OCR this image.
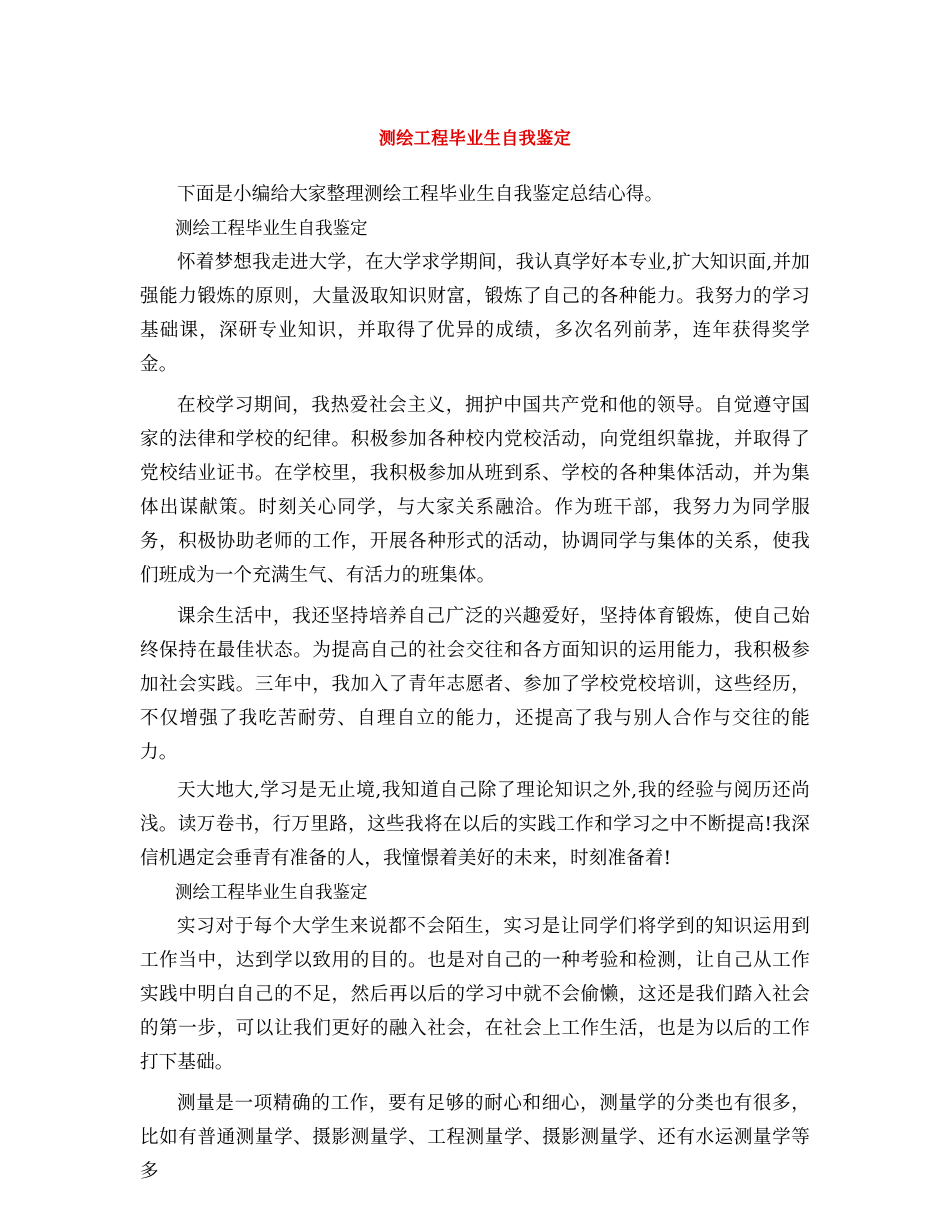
测绘工程毕业生自我鉴定

下面是小编给大家整理测绘工程毕业生自我鉴定总结心得。

测绘工程毕业生自我鉴定

怀着梦想我走进大学，在大学求学期间，我认真学好本专业,扩大知识面,并加强能力锻炼的原则，大量汲取知识财富，锻炼了自己的各种能力。我努力的学习基础课，深研专业知识，并取得了优异的成绩，多次名列前茅，连年获得奖学金。

在校学习期间，我热爱社会主义，拥护中国共产党和他的领导。自觉遵守国家的法律和学校的纪律。积极参加各种校内党校活动，向党组织靠拢，并取得了党校结业证书。在学校里，我积极参加从班到系、学校的各种集体活动，并为集体出谋献策。时刻关心同学，与大家关系融洽。作为班干部，我努力为同学服务，积极协助老师的工作，开展各种形式的活动，协调同学与集体的关系，使我们班成为一个充满生气、有活力的班集体。

课余生活中，我还坚持培养自己广泛的兴趣爱好，坚持体育锻炼，使自己始终保持在最佳状态。为提高自己的社会交往和各方面知识的运用能力，我积极参加社会实践。三年中，我加入了青年志愿者、参加了学校党校培训，这些经历，不仅增强了我吃苦耐劳、自理自立的能力，还提高了我与别人合作与交往的能力。

天大地大,学习是无止境,我知道自己除了理论知识之外,我的经验与阅历还尚浅。读万卷书，行万里路，这些我将在以后的实践工作和学习之中不断提高!我深信机遇定会垂青有准备的人，我憧憬着美好的未来，时刻准备着!

测绘工程毕业生自我鉴定

实习对于每个大学生来说都不会陌生，实习是让同学们将学到的知识运用到工作当中，达到学以致用的目的。也是对自己的一种考验和检测，让自己从工作实践中明白自己的不足，然后再以后的学习中就不会偷懒，这还是我们踏入社会的第一步，可以让我们更好的融入社会，在社会上工作生活，也是为以后的工作打下基础。

测量是一项精确的工作，要有足够的耐心和细心，测量学的分类也有很多，比如有普通测量学、摄影测量学、工程测量学、摄影测量学、还有水运测量学等多
